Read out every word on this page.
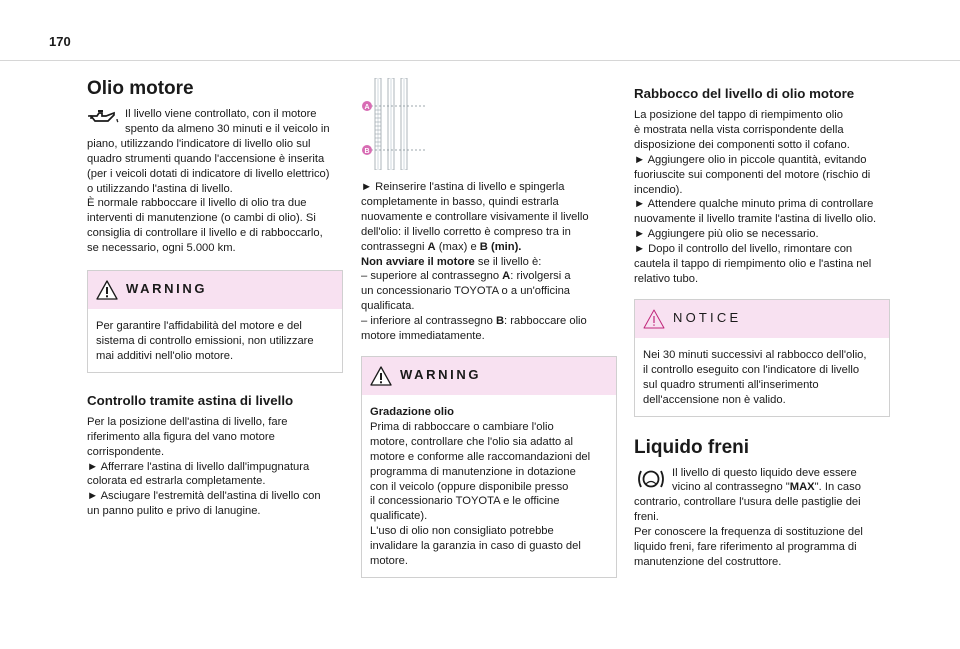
170
Olio motore

Il livello viene controllato, con il motore

spento da almeno 30 minuti e il veicolo in

piano, utilizzando l'indicatore di livello olio sul

quadro strumenti quando l'accensione è inserita

(per i veicoli dotati di indicatore di livello elettrico)

o utilizzando l'astina di livello.

È normale rabboccare il livello di olio tra due

interventi di manutenzione (o cambi di olio). Si

consiglia di controllare il livello e di rabboccarlo,

se necessario, ogni 5.000 km.

WARNING

Per garantire l'affidabilità del motore e del

sistema di controllo emissioni, non utilizzare

mai additivi nell'olio motore.

Controllo tramite astina di livello

Per la posizione dell'astina di livello, fare

riferimento alla figura del vano motore

corrispondente.

► Afferrare l'astina di livello dall'impugnatura

colorata ed estrarla completamente.

► Asciugare l'estremità dell'astina di livello con

un panno pulito e privo di lanugine.

A
B

► Reinserire l'astina di livello e spingerla

completamente in basso, quindi estrarla

nuovamente e controllare visivamente il livello

dell'olio: il livello corretto è compreso tra in

contrassegni A (max) e B (min).

Non avviare il motore se il livello è:

– superiore al contrassegno A: rivolgersi a

un concessionario TOYOTA o a un'officina

qualificata.

– inferiore al contrassegno B: rabboccare olio

motore immediatamente.

WARNING

Gradazione olio

Prima di rabboccare o cambiare l'olio

motore, controllare che l'olio sia adatto al

motore e conforme alle raccomandazioni del

programma di manutenzione in dotazione

con il veicolo (oppure disponibile presso

il concessionario TOYOTA e le officine

qualificate).

L'uso di olio non consigliato potrebbe

invalidare la garanzia in caso di guasto del

motore.

Rabbocco del livello di olio motore

La posizione del tappo di riempimento olio

è mostrata nella vista corrispondente della

disposizione dei componenti sotto il cofano.

► Aggiungere olio in piccole quantità, evitando

fuoriuscite sui componenti del motore (rischio di

incendio).

► Attendere qualche minuto prima di controllare

nuovamente il livello tramite l'astina di livello olio.

► Aggiungere più olio se necessario.

► Dopo il controllo del livello, rimontare con

cautela il tappo di riempimento olio e l'astina nel

relativo tubo.

NOTICE

Nei 30 minuti successivi al rabbocco dell'olio,

il controllo eseguito con l'indicatore di livello

sul quadro strumenti all'inserimento

dell'accensione non è valido.

Liquido freni

Il livello di questo liquido deve essere

vicino al contrassegno "MAX". In caso

contrario, controllare l'usura delle pastiglie dei

freni.

Per conoscere la frequenza di sostituzione del

liquido freni, fare riferimento al programma di

manutenzione del costruttore.
